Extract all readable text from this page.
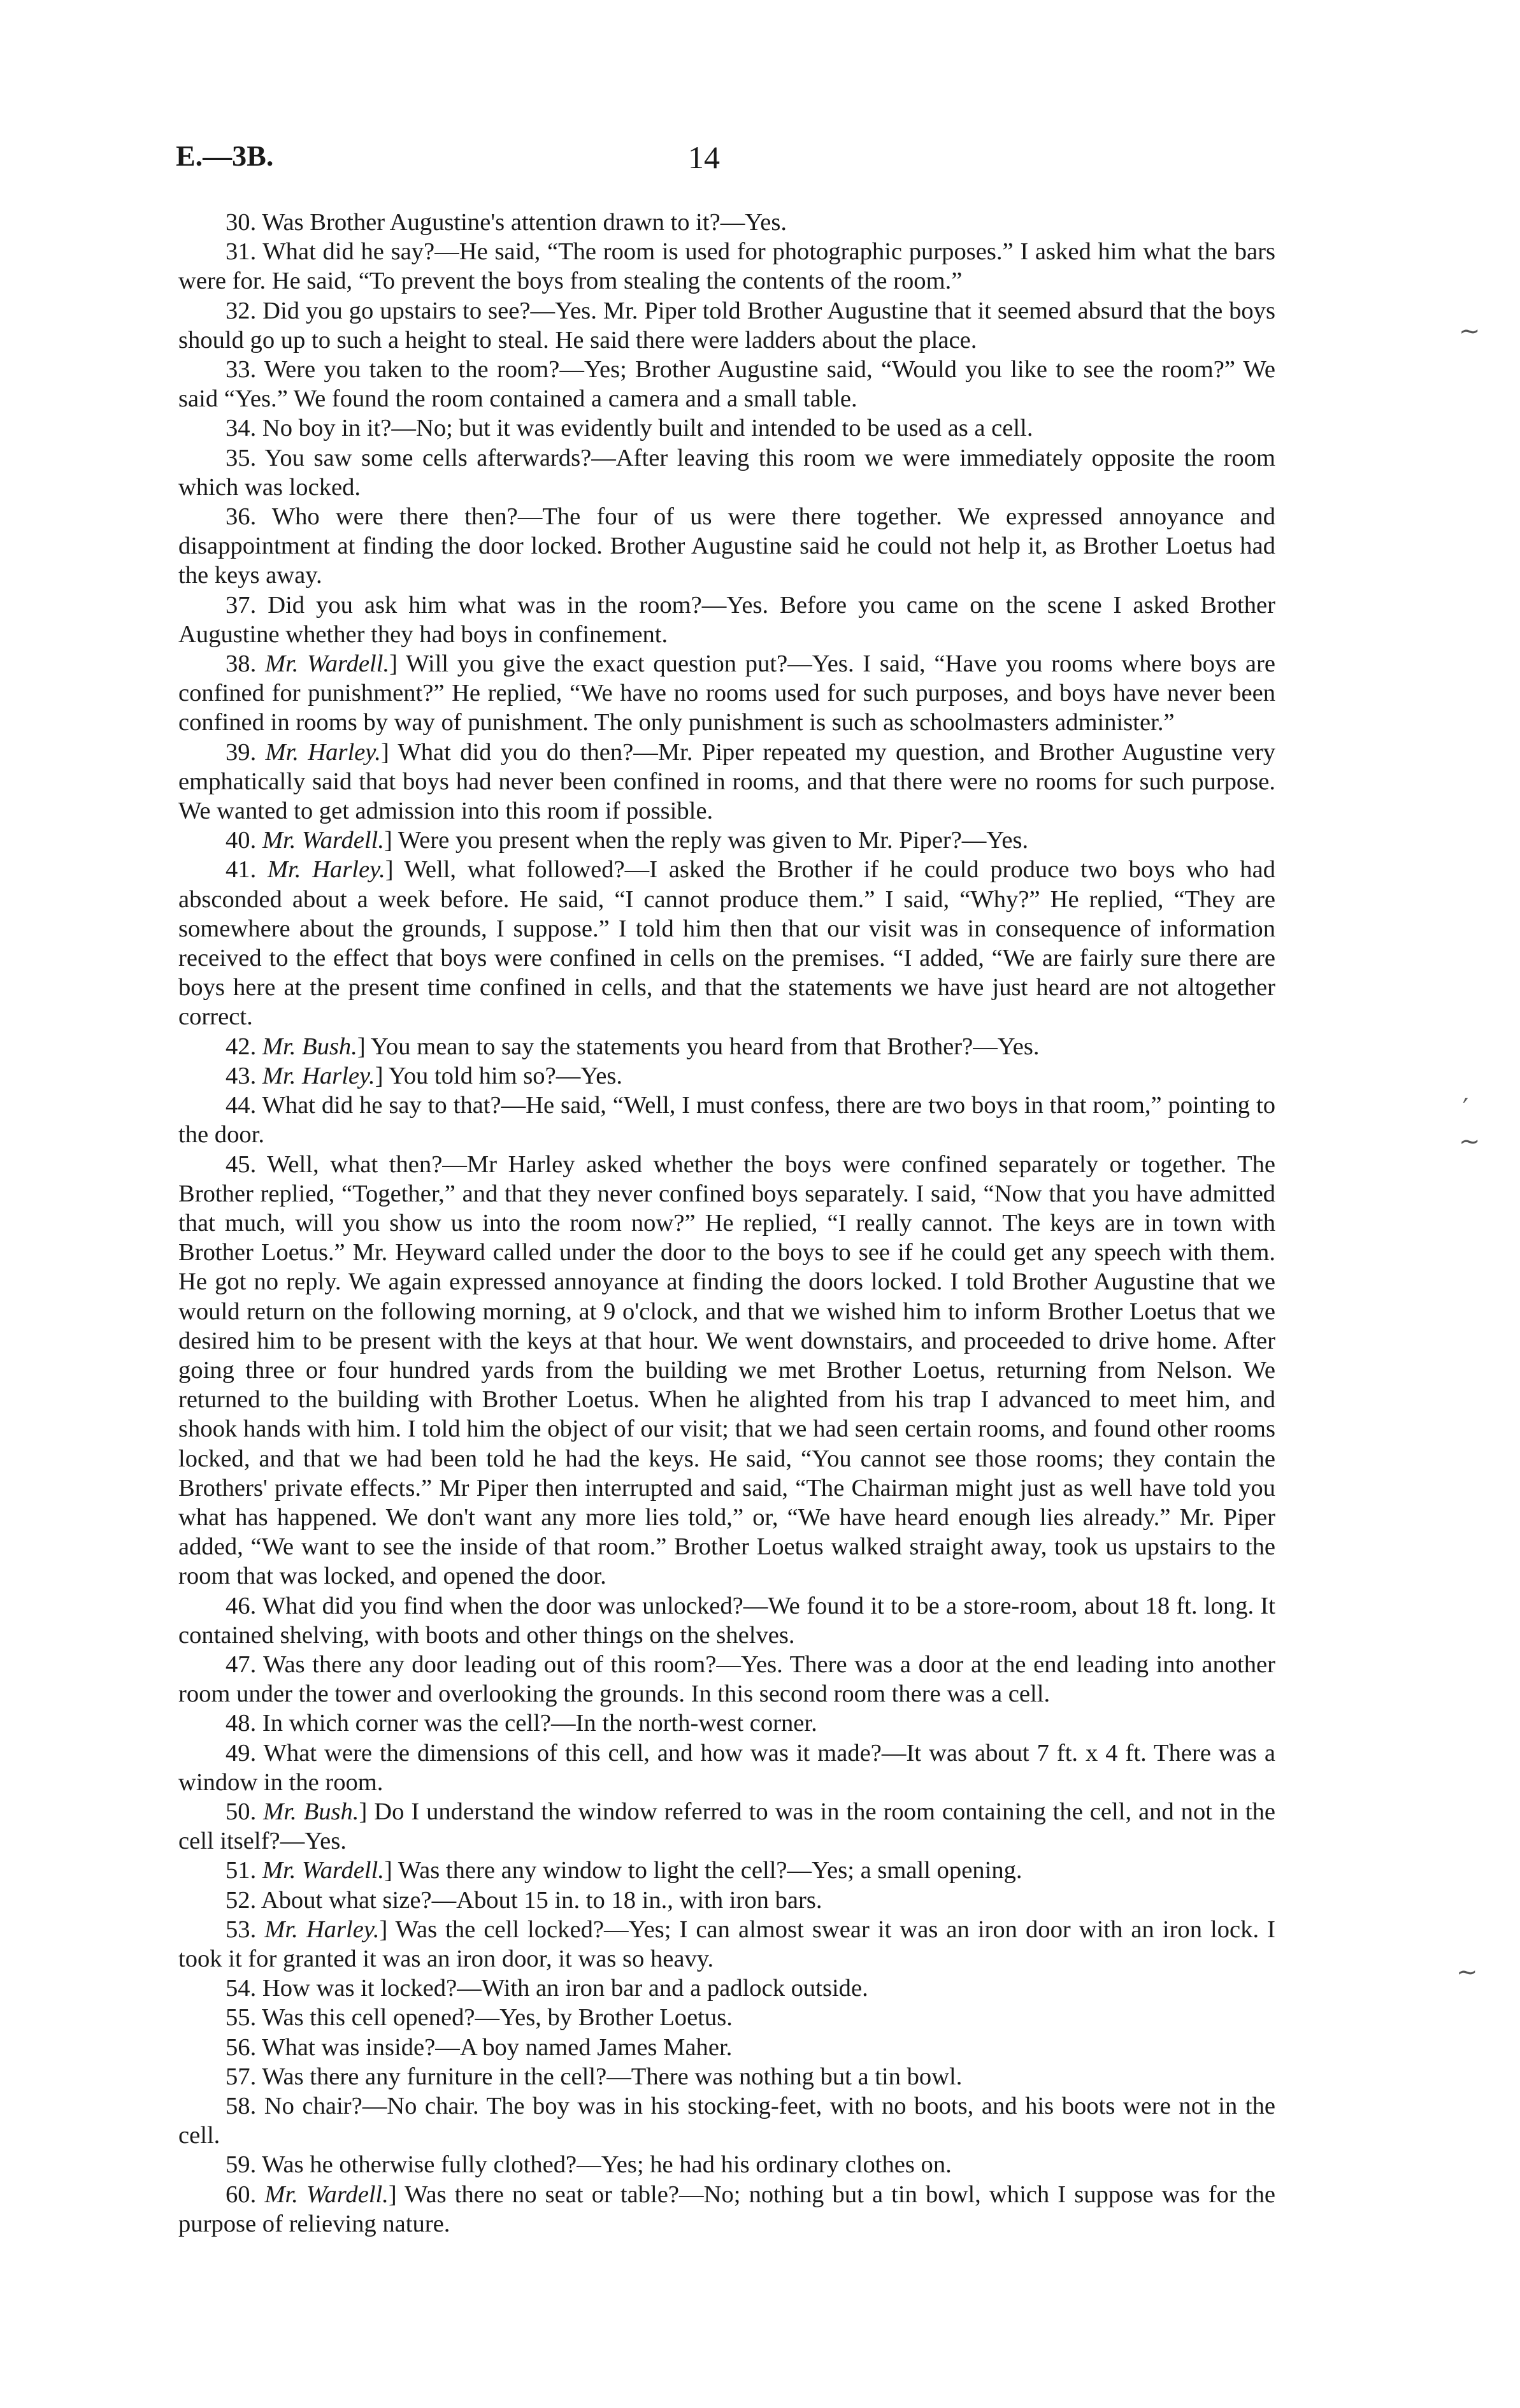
E.—3B.	14

30. Was Brother Augustine's attention drawn to it?—Yes.

31. What did he say?—He said, “The room is used for photographic purposes.” I asked him what the bars were for. He said, “To prevent the boys from stealing the contents of the room.”

32. Did you go upstairs to see?—Yes. Mr. Piper told Brother Augustine that it seemed absurd that the boys should go up to such a height to steal. He said there were ladders about the place.

33. Were you taken to the room?—Yes; Brother Augustine said, “Would you like to see the room?” We said “Yes.” We found the room contained a camera and a small table.

34. No boy in it?—No; but it was evidently built and intended to be used as a cell.

35. You saw some cells afterwards?—After leaving this room we were immediately opposite the room which was locked.

36. Who were there then?—The four of us were there together. We expressed annoyance and disappointment at finding the door locked. Brother Augustine said he could not help it, as Brother Loetus had the keys away.

37. Did you ask him what was in the room?—Yes. Before you came on the scene I asked Brother Augustine whether they had boys in confinement.

38. Mr. Wardell.] Will you give the exact question put?—Yes. I said, “Have you rooms where boys are confined for punishment?” He replied, “We have no rooms used for such purposes, and boys have never been confined in rooms by way of punishment. The only punishment is such as schoolmasters administer.”

39. Mr. Harley.] What did you do then?—Mr. Piper repeated my question, and Brother Augustine very emphatically said that boys had never been confined in rooms, and that there were no rooms for such purpose. We wanted to get admission into this room if possible.

40. Mr. Wardell.] Were you present when the reply was given to Mr. Piper?—Yes.

41. Mr. Harley.] Well, what followed?—I asked the Brother if he could produce two boys who had absconded about a week before. He said, “I cannot produce them.” I said, “Why?” He replied, “They are somewhere about the grounds, I suppose.” I told him then that our visit was in consequence of information received to the effect that boys were confined in cells on the premises. “I added, “We are fairly sure there are boys here at the present time confined in cells, and that the statements we have just heard are not altogether correct.

42. Mr. Bush.] You mean to say the statements you heard from that Brother?—Yes.

43. Mr. Harley.] You told him so?—Yes.

44. What did he say to that?—He said, “Well, I must confess, there are two boys in that room,” pointing to the door.

45. Well, what then?—Mr Harley asked whether the boys were confined separately or together. The Brother replied, “Together,” and that they never confined boys separately. I said, “Now that you have admitted that much, will you show us into the room now?” He replied, “I really cannot. The keys are in town with Brother Loetus.” Mr. Heyward called under the door to the boys to see if he could get any speech with them. He got no reply. We again expressed annoyance at finding the doors locked. I told Brother Augustine that we would return on the following morning, at 9 o'clock, and that we wished him to inform Brother Loetus that we desired him to be present with the keys at that hour. We went downstairs, and proceeded to drive home. After going three or four hundred yards from the building we met Brother Loetus, returning from Nelson. We returned to the building with Brother Loetus. When he alighted from his trap I advanced to meet him, and shook hands with him. I told him the object of our visit; that we had seen certain rooms, and found other rooms locked, and that we had been told he had the keys. He said, “You cannot see those rooms; they contain the Brothers' private effects.” Mr Piper then interrupted and said, “The Chairman might just as well have told you what has happened. We don't want any more lies told,” or, “We have heard enough lies already.” Mr. Piper added, “We want to see the inside of that room.” Brother Loetus walked straight away, took us upstairs to the room that was locked, and opened the door.

46. What did you find when the door was unlocked?—We found it to be a store-room, about 18 ft. long. It contained shelving, with boots and other things on the shelves.

47. Was there any door leading out of this room?—Yes. There was a door at the end leading into another room under the tower and overlooking the grounds. In this second room there was a cell.

48. In which corner was the cell?—In the north-west corner.

49. What were the dimensions of this cell, and how was it made?—It was about 7 ft. x 4 ft. There was a window in the room.

50. Mr. Bush.] Do I understand the window referred to was in the room containing the cell, and not in the cell itself?—Yes.

51. Mr. Wardell.] Was there any window to light the cell?—Yes; a small opening.

52. About what size?—About 15 in. to 18 in., with iron bars.

53. Mr. Harley.] Was the cell locked?—Yes; I can almost swear it was an iron door with an iron lock. I took it for granted it was an iron door, it was so heavy.

54. How was it locked?—With an iron bar and a padlock outside.

55. Was this cell opened?—Yes, by Brother Loetus.

56. What was inside?—A boy named James Maher.

57. Was there any furniture in the cell?—There was nothing but a tin bowl.

58. No chair?—No chair. The boy was in his stocking-feet, with no boots, and his boots were not in the cell.

59. Was he otherwise fully clothed?—Yes; he had his ordinary clothes on.

60. Mr. Wardell.] Was there no seat or table?—No; nothing but a tin bowl, which I suppose was for the purpose of relieving nature.

∼
′
∼
∼
